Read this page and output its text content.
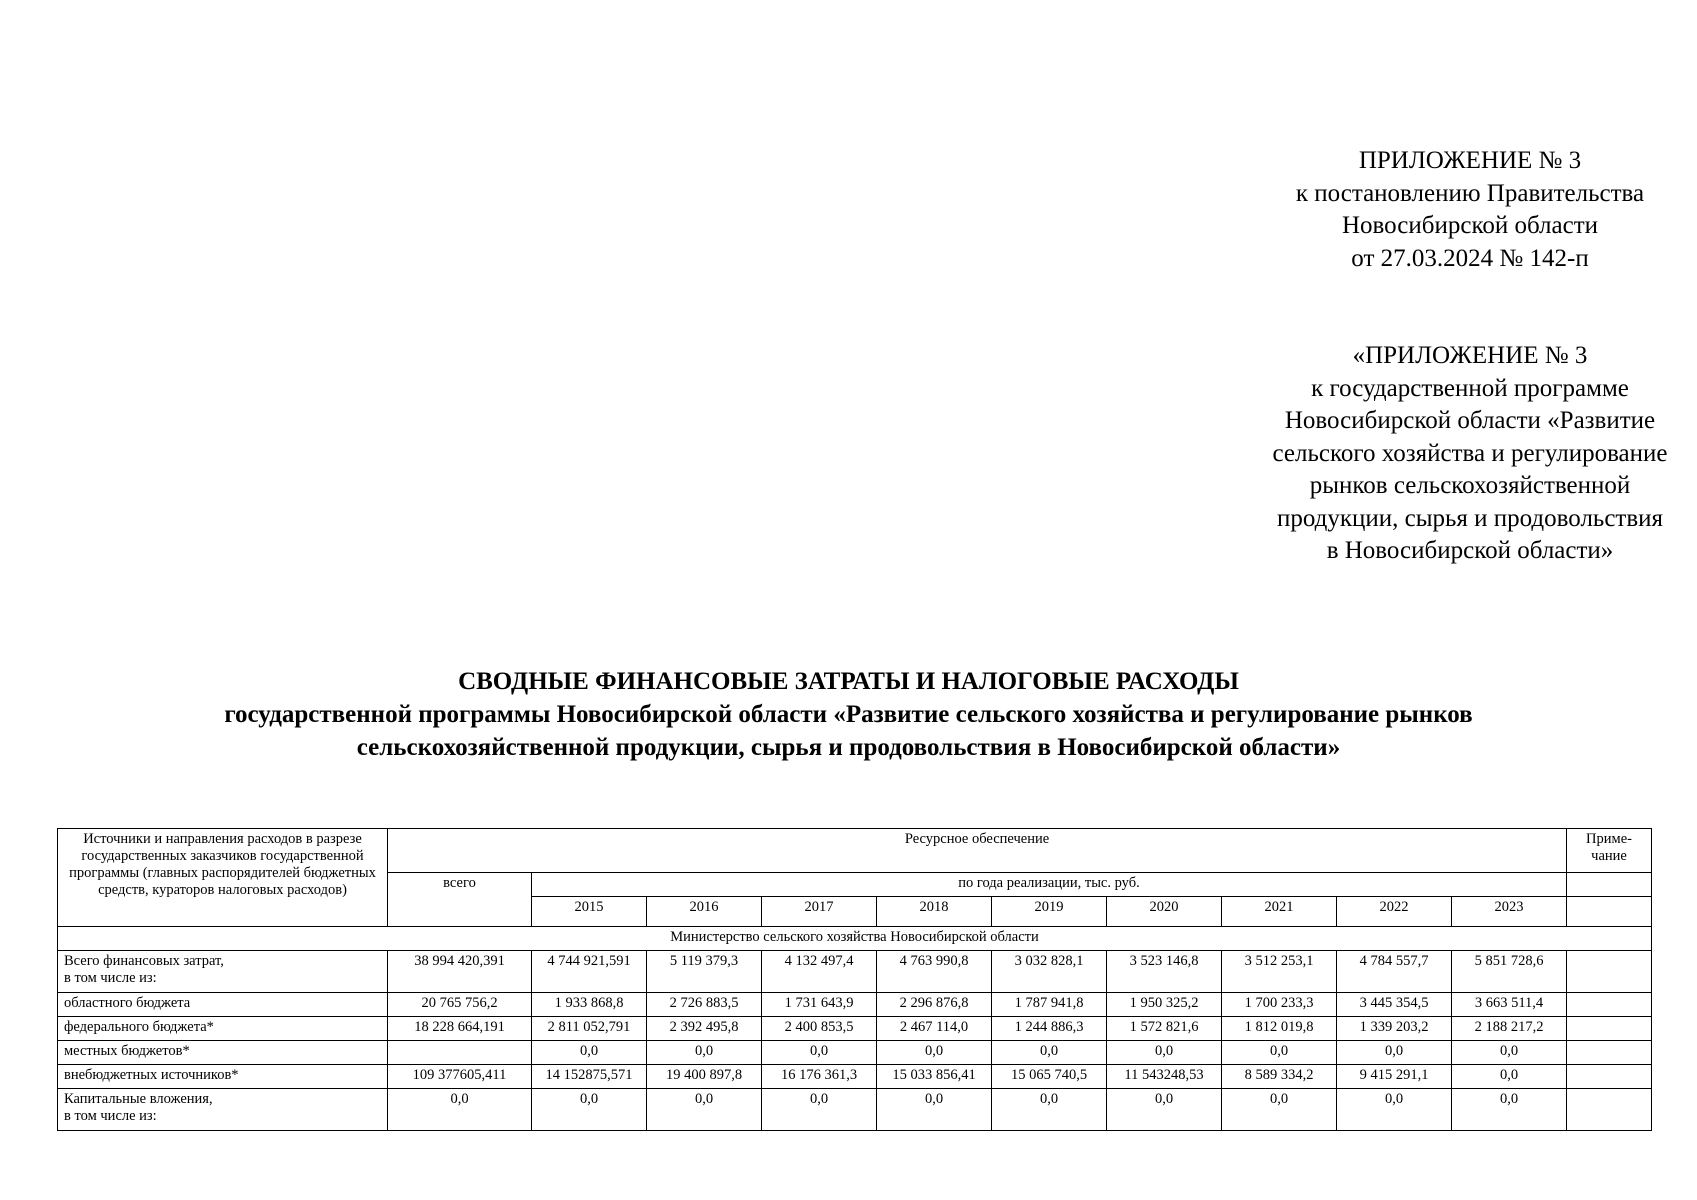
ПРИЛОЖЕНИЕ № 3
к постановлению Правительства
Новосибирской области
от 27.03.2024 № 142-п
«ПРИЛОЖЕНИЕ № 3
к государственной программе
Новосибирской области «Развитие
сельского хозяйства и регулирование
рынков сельскохозяйственной
продукции, сырья и продовольствия
в Новосибирской области»
СВОДНЫЕ ФИНАНСОВЫЕ ЗАТРАТЫ И НАЛОГОВЫЕ РАСХОДЫ
государственной программы Новосибирской области «Развитие сельского хозяйства и регулирование рынков
сельскохозяйственной продукции, сырья и продовольствия в Новосибирской области»
Источники и направления расходов в разрезе государственных заказчиков государственной программы (главных распорядителей бюджетных средств, кураторов налоговых расходов)	Ресурсное обеспечение										Приме-чание
	всего	по года реализации, тыс. руб.									
		2015	2016	2017	2018	2019	2020	2021	2022	2023	
Министерство сельского хозяйства Новосибирской области											
Всего финансовых затрат,
в том числе из:	38 994 420,391	4 744 921,591	5 119 379,3	4 132 497,4	4 763 990,8	3 032 828,1	3 523 146,8	3 512 253,1	4 784 557,7	5 851 728,6	
областного бюджета	20 765 756,2	1 933 868,8	2 726 883,5	1 731 643,9	2 296 876,8	1 787 941,8	1 950 325,2	1 700 233,3	3 445 354,5	3 663 511,4	
федерального бюджета*	18 228 664,191	2 811 052,791	2 392 495,8	2 400 853,5	2 467 114,0	1 244 886,3	1 572 821,6	1 812 019,8	1 339 203,2	2 188 217,2	
местных бюджетов*		0,0	0,0	0,0	0,0	0,0	0,0	0,0	0,0	0,0	
внебюджетных источников*	109 377605,411	14 152875,571	19 400 897,8	16 176 361,3	15 033 856,41	15 065 740,5	11 543248,53	8 589 334,2	9 415 291,1	0,0	
Капитальные вложения,
в том числе из:	0,0	0,0	0,0	0,0	0,0	0,0	0,0	0,0	0,0	0,0	
